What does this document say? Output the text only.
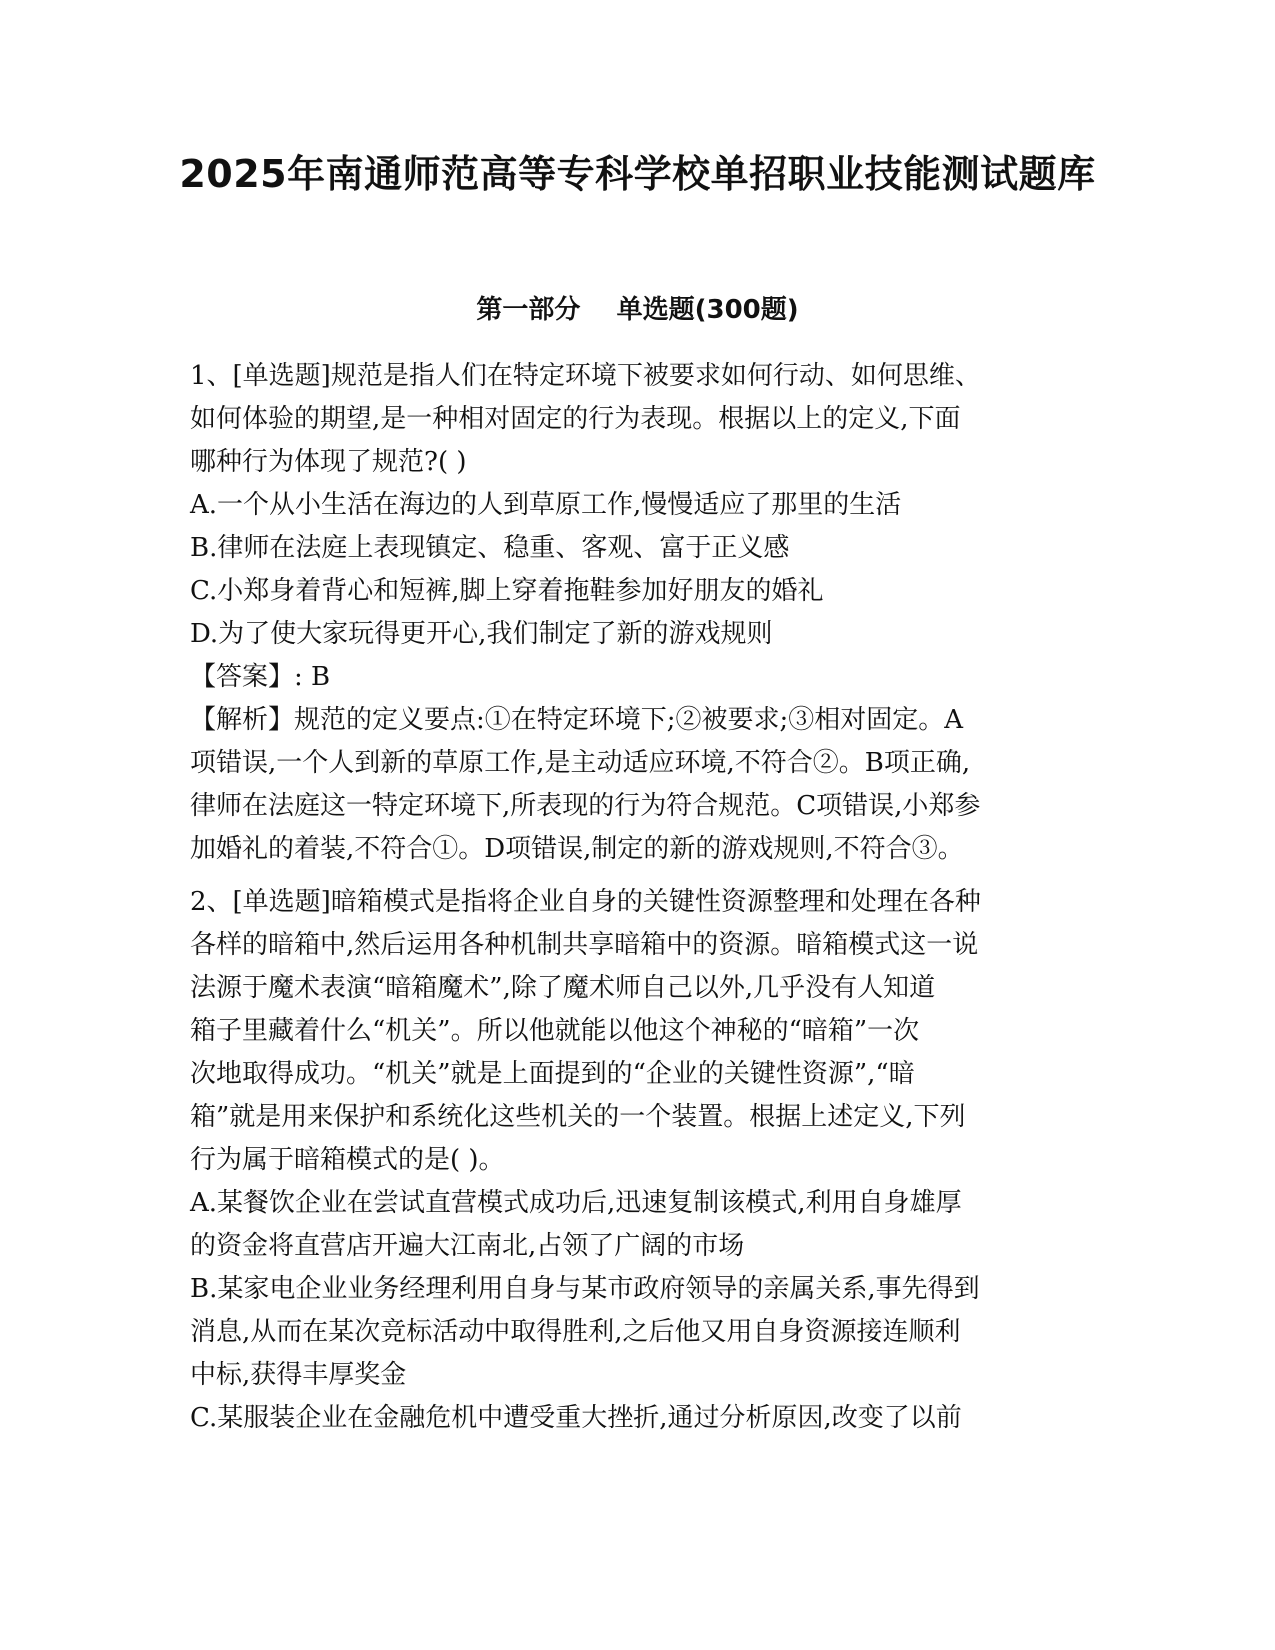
2025年南通师范高等专科学校单招职业技能测试题库
第一部分 单选题(300题)
1、[单选题]规范是指人们在特定环境下被要求如何行动、如何思维、
如何体验的期望,是一种相对固定的行为表现。根据以上的定义,下面
哪种行为体现了规范?( )
A.一个从小生活在海边的人到草原工作,慢慢适应了那里的生活
B.律师在法庭上表现镇定、稳重、客观、富于正义感
C.小郑身着背心和短裤,脚上穿着拖鞋参加好朋友的婚礼
D.为了使大家玩得更开心,我们制定了新的游戏规则
【答案】: B
【解析】规范的定义要点:①在特定环境下;②被要求;③相对固定。A
项错误,一个人到新的草原工作,是主动适应环境,不符合②。B项正确,
律师在法庭这一特定环境下,所表现的行为符合规范。C项错误,小郑参
加婚礼的着装,不符合①。D项错误,制定的新的游戏规则,不符合③。
2、[单选题]暗箱模式是指将企业自身的关键性资源整理和处理在各种
各样的暗箱中,然后运用各种机制共享暗箱中的资源。暗箱模式这一说
法源于魔术表演“暗箱魔术”,除了魔术师自己以外,几乎没有人知道
箱子里藏着什么“机关”。所以他就能以他这个神秘的“暗箱”一次
次地取得成功。“机关”就是上面提到的“企业的关键性资源”,“暗
箱”就是用来保护和系统化这些机关的一个装置。根据上述定义,下列
行为属于暗箱模式的是( )。
A.某餐饮企业在尝试直营模式成功后,迅速复制该模式,利用自身雄厚
的资金将直营店开遍大江南北,占领了广阔的市场
B.某家电企业业务经理利用自身与某市政府领导的亲属关系,事先得到
消息,从而在某次竞标活动中取得胜利,之后他又用自身资源接连顺利
中标,获得丰厚奖金
C.某服装企业在金融危机中遭受重大挫折,通过分析原因,改变了以前
